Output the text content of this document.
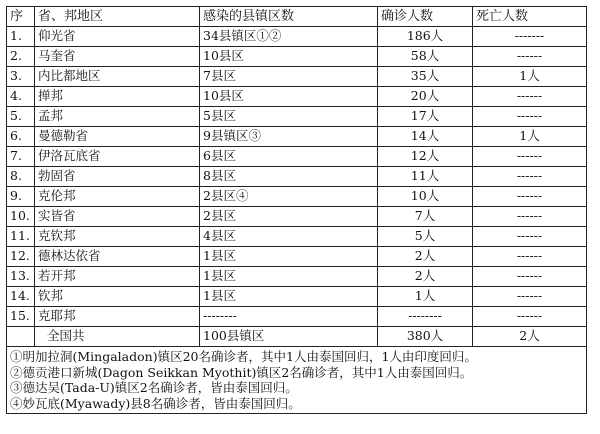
序	省、邦地区	感染的县镇区数	确诊人数	死亡人数
1.	仰光省	34县镇区①②	186人	-------
2.	马奎省	10县区	58人	------
3.	内比都地区	7县区	35人	1人
4.	掸邦	10县区	20人	------
5.	孟邦	5县区	17人	------
6.	曼德勒省	9县镇区③	14人	1人
7.	伊洛瓦底省	6县区	12人	------
8.	勃固省	8县区	11人	------
9.	克伦邦	2县区④	10人	------
10.	实皆省	2县区	7人	------
11.	克钦邦	4县区	5人	------
12.	德林达依省	1县区	2人	------
13.	若开邦	1县区	2人	------
14.	钦邦	1县区	1人	------
15.	克耶邦	--------	--------	------
	全国共	100县镇区	380人	2人

①明加拉洞(Mingaladon)镇区20名确诊者，其中1人由泰国回归，1人由印度回归。
②德贡港口新城(Dagon Seikkan Myothit)镇区2名确诊者，其中1人由泰国回归。
③德达吴(Tada-U)镇区2名确诊者，皆由泰国回归。
④妙瓦底(Myawady)县8名确诊者，皆由泰国回归。				
